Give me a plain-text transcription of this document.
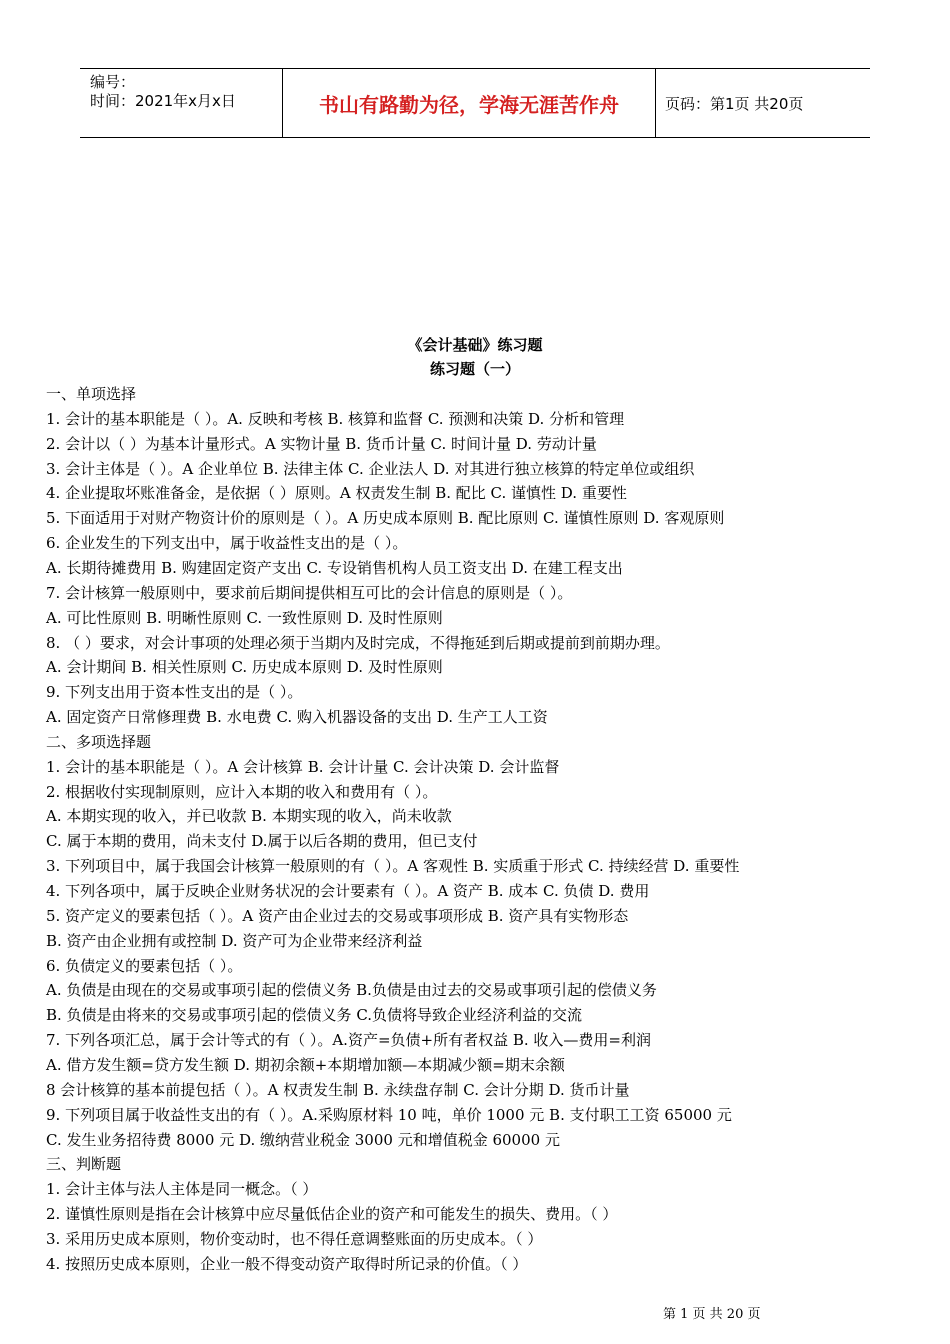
编号：
时间：2021年x月x日	书山有路勤为径，学海无涯苦作舟	页码：第1页 共20页
《会计基础》练习题
练习题（一）
一、单项选择
1. 会计的基本职能是（ ）。A. 反映和考核 B. 核算和监督 C. 预测和决策 D. 分析和管理
2. 会计以（ ）为基本计量形式。A 实物计量 B. 货币计量 C. 时间计量 D. 劳动计量
3. 会计主体是（ ）。A 企业单位 B. 法律主体 C. 企业法人 D. 对其进行独立核算的特定单位或组织
4. 企业提取坏账准备金，是依据（ ）原则。A 权责发生制 B. 配比 C. 谨慎性 D. 重要性
5. 下面适用于对财产物资计价的原则是（ ）。A 历史成本原则 B. 配比原则 C. 谨慎性原则 D. 客观原则
6. 企业发生的下列支出中，属于收益性支出的是（ ）。
A. 长期待摊费用 B. 购建固定资产支出 C. 专设销售机构人员工资支出 D. 在建工程支出
7. 会计核算一般原则中，要求前后期间提供相互可比的会计信息的原则是（ ）。
A. 可比性原则 B. 明晰性原则 C. 一致性原则 D. 及时性原则
8. （ ）要求，对会计事项的处理必须于当期内及时完成，不得拖延到后期或提前到前期办理。
A. 会计期间 B. 相关性原则 C. 历史成本原则 D. 及时性原则
9. 下列支出用于资本性支出的是（ ）。
A. 固定资产日常修理费 B. 水电费 C. 购入机器设备的支出 D. 生产工人工资
二、多项选择题
1. 会计的基本职能是（ ）。A 会计核算 B. 会计计量 C. 会计决策 D. 会计监督
2. 根据收付实现制原则，应计入本期的收入和费用有（ ）。
A. 本期实现的收入，并已收款 B. 本期实现的收入，尚未收款
C. 属于本期的费用，尚未支付 D.属于以后各期的费用，但已支付
3. 下列项目中，属于我国会计核算一般原则的有（ ）。A 客观性 B. 实质重于形式 C. 持续经营 D. 重要性
4. 下列各项中，属于反映企业财务状况的会计要素有（ ）。A 资产 B. 成本 C. 负债 D. 费用
5. 资产定义的要素包括（ ）。A 资产由企业过去的交易或事项形成 B. 资产具有实物形态
B. 资产由企业拥有或控制 D. 资产可为企业带来经济利益
6. 负债定义的要素包括（ ）。
A. 负债是由现在的交易或事项引起的偿债义务 B.负债是由过去的交易或事项引起的偿债义务
B. 负债是由将来的交易或事项引起的偿债义务 C.负债将导致企业经济利益的交流
7. 下列各项汇总，属于会计等式的有（ ）。A.资产=负债+所有者权益 B. 收入—费用=利润
A. 借方发生额=贷方发生额 D. 期初余额+本期增加额—本期减少额=期末余额
8 会计核算的基本前提包括（ ）。A 权责发生制 B. 永续盘存制 C. 会计分期 D. 货币计量
9. 下列项目属于收益性支出的有（ ）。A.采购原材料 10 吨，单价 1000 元 B. 支付职工工资 65000 元
C. 发生业务招待费 8000 元 D. 缴纳营业税金 3000 元和增值税金 60000 元
三、判断题
1. 会计主体与法人主体是同一概念。（ ）
2. 谨慎性原则是指在会计核算中应尽量低估企业的资产和可能发生的损失、费用。（ ）
3. 采用历史成本原则，物价变动时，也不得任意调整账面的历史成本。（ ）
4. 按照历史成本原则，企业一般不得变动资产取得时所记录的价值。（ ）
第 1 页 共 20 页
